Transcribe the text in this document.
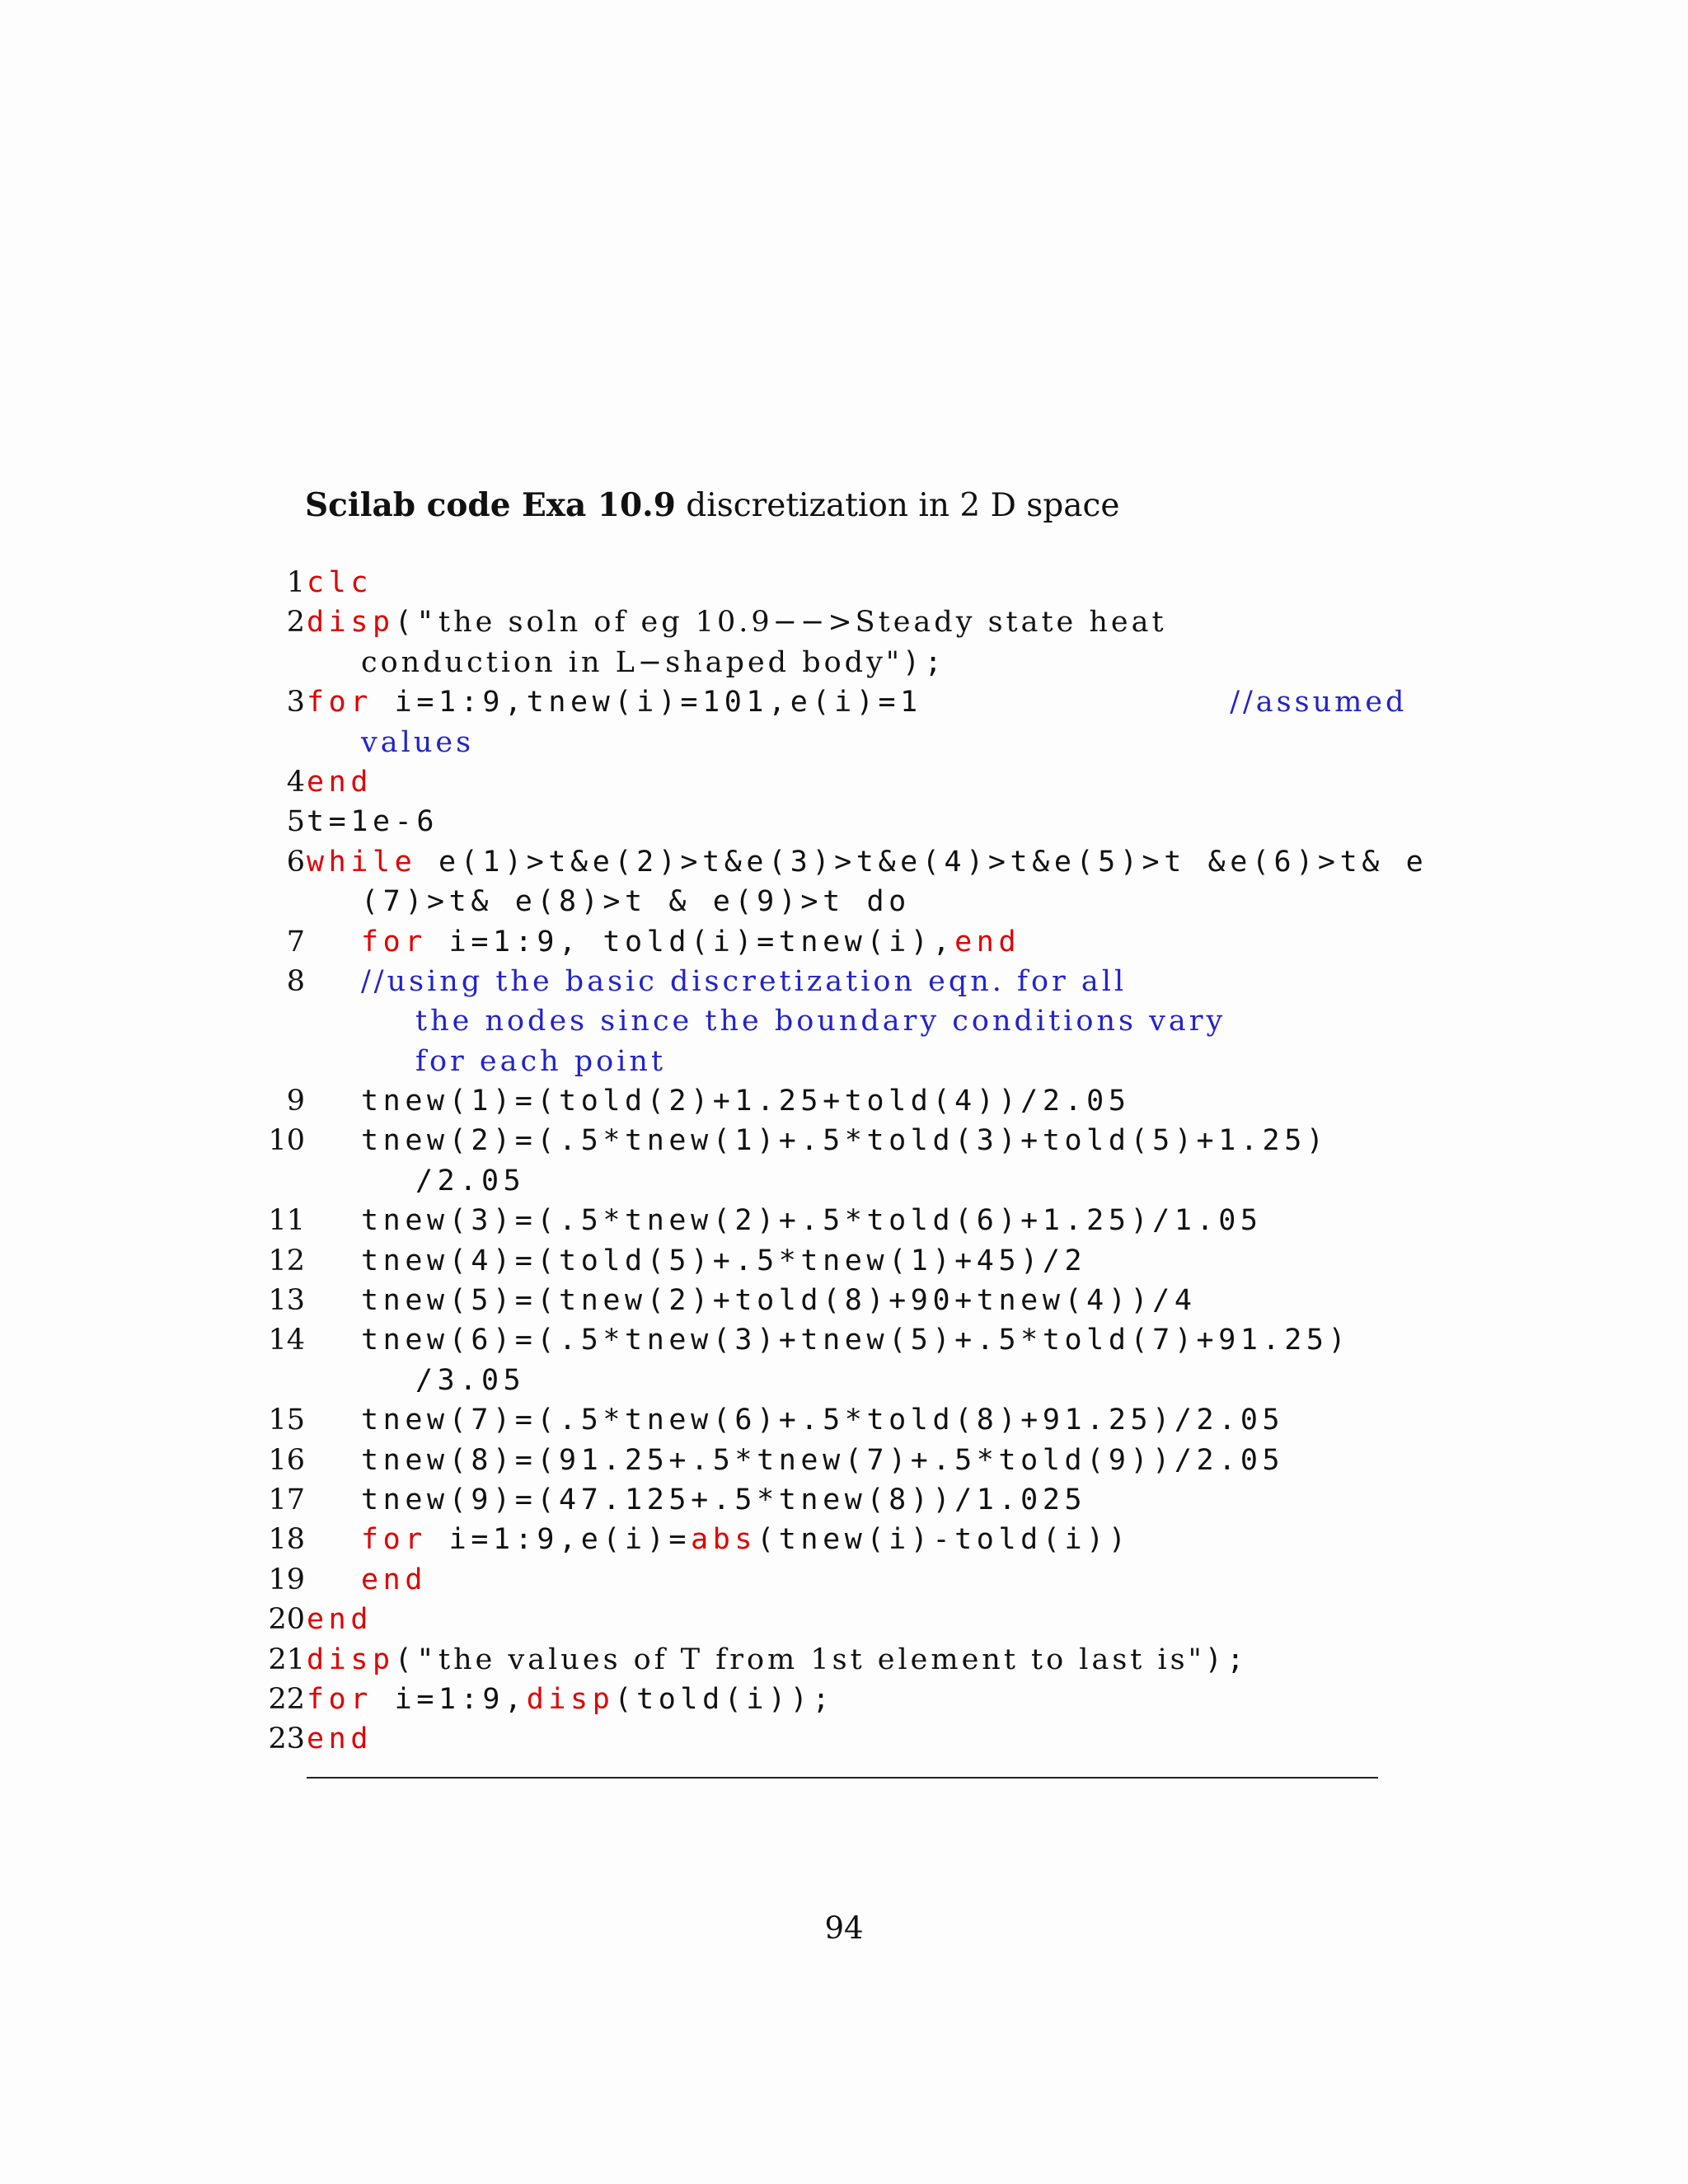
Scilab code Exa 10.9 discretization in 2 D space
1 clc
2 disp("the soln of eg 10.9−−>Steady state heat
conduction in L−shaped body");
3 for i=1:9,tnew(i)=101,e(i)=1              //assumed
values
4 end
5 t=1e-6
6 while e(1)>t&e(2)>t&e(3)>t&e(4)>t&e(5)>t &e(6)>t& e
(7)>t& e(8)>t & e(9)>t do
7 for i=1:9, told(i)=tnew(i),end
8 //using the basic discretization eqn. for all
the nodes since the boundary conditions vary
for each point
9 tnew(1)=(told(2)+1.25+told(4))/2.05
10 tnew(2)=(.5*tnew(1)+.5*told(3)+told(5)+1.25)
/2.05
11 tnew(3)=(.5*tnew(2)+.5*told(6)+1.25)/1.05
12 tnew(4)=(told(5)+.5*tnew(1)+45)/2
13 tnew(5)=(tnew(2)+told(8)+90+tnew(4))/4
14 tnew(6)=(.5*tnew(3)+tnew(5)+.5*told(7)+91.25)
/3.05
15 tnew(7)=(.5*tnew(6)+.5*told(8)+91.25)/2.05
16 tnew(8)=(91.25+.5*tnew(7)+.5*told(9))/2.05
17 tnew(9)=(47.125+.5*tnew(8))/1.025
18 for i=1:9,e(i)=abs(tnew(i)-told(i))
19 end
20 end
21 disp("the values of T from 1st element to last is");
22 for i=1:9,disp(told(i));
23 end
94
